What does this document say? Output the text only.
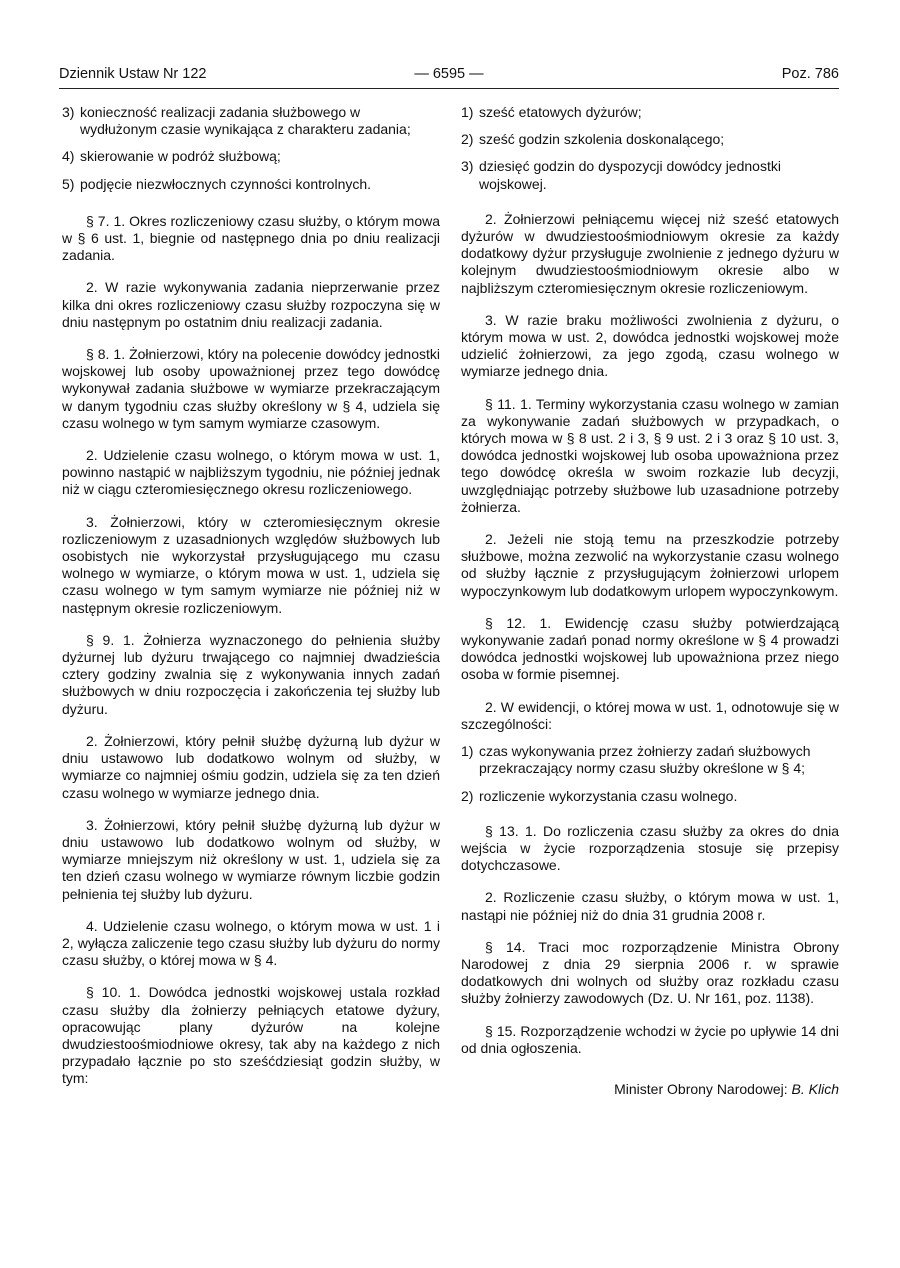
Dziennik Ustaw Nr 122	— 6595 —	Poz. 786
3) konieczność realizacji zadania służbowego w wydłużonym czasie wynikająca z charakteru zadania;
4) skierowanie w podróż służbową;
5) podjęcie niezwłocznych czynności kontrolnych.

§ 7. 1. Okres rozliczeniowy czasu służby, o którym mowa w § 6 ust. 1, biegnie od następnego dnia po dniu realizacji zadania.

2. W razie wykonywania zadania nieprzerwanie przez kilka dni okres rozliczeniowy czasu służby rozpoczyna się w dniu następnym po ostatnim dniu realizacji zadania.

§ 8. 1. Żołnierzowi, który na polecenie dowódcy jednostki wojskowej lub osoby upoważnionej przez tego dowódcę wykonywał zadania służbowe w wymiarze przekraczającym w danym tygodniu czas służby określony w § 4, udziela się czasu wolnego w tym samym wymiarze czasowym.

2. Udzielenie czasu wolnego, o którym mowa w ust. 1, powinno nastąpić w najbliższym tygodniu, nie później jednak niż w ciągu czteromiesięcznego okresu rozliczeniowego.

3. Żołnierzowi, który w czteromiesięcznym okresie rozliczeniowym z uzasadnionych względów służbowych lub osobistych nie wykorzystał przysługującego mu czasu wolnego w wymiarze, o którym mowa w ust. 1, udziela się czasu wolnego w tym samym wymiarze nie później niż w następnym okresie rozliczeniowym.

§ 9. 1. Żołnierza wyznaczonego do pełnienia służby dyżurnej lub dyżuru trwającego co najmniej dwadzieścia cztery godziny zwalnia się z wykonywania innych zadań służbowych w dniu rozpoczęcia i zakończenia tej służby lub dyżuru.

2. Żołnierzowi, który pełnił służbę dyżurną lub dyżur w dniu ustawowo lub dodatkowo wolnym od służby, w wymiarze co najmniej ośmiu godzin, udziela się za ten dzień czasu wolnego w wymiarze jednego dnia.

3. Żołnierzowi, który pełnił służbę dyżurną lub dyżur w dniu ustawowo lub dodatkowo wolnym od służby, w wymiarze mniejszym niż określony w ust. 1, udziela się za ten dzień czasu wolnego w wymiarze równym liczbie godzin pełnienia tej służby lub dyżuru.

4. Udzielenie czasu wolnego, o którym mowa w ust. 1 i 2, wyłącza zaliczenie tego czasu służby lub dyżuru do normy czasu służby, o której mowa w § 4.

§ 10. 1. Dowódca jednostki wojskowej ustala rozkład czasu służby dla żołnierzy pełniących etatowe dyżury, opracowując plany dyżurów na kolejne dwudziestoośmiodniowe okresy, tak aby na każdego z nich przypadało łącznie po sto sześćdziesiąt godzin służby, w tym:

1) sześć etatowych dyżurów;
2) sześć godzin szkolenia doskonalącego;
3) dziesięć godzin do dyspozycji dowódcy jednostki wojskowej.

2. Żołnierzowi pełniącemu więcej niż sześć etatowych dyżurów w dwudziestoośmiodniowym okresie za każdy dodatkowy dyżur przysługuje zwolnienie z jednego dyżuru w kolejnym dwudziestoośmiodniowym okresie albo w najbliższym czteromiesięcznym okresie rozliczeniowym.

3. W razie braku możliwości zwolnienia z dyżuru, o którym mowa w ust. 2, dowódca jednostki wojskowej może udzielić żołnierzowi, za jego zgodą, czasu wolnego w wymiarze jednego dnia.

§ 11. 1. Terminy wykorzystania czasu wolnego w zamian za wykonywanie zadań służbowych w przypadkach, o których mowa w § 8 ust. 2 i 3, § 9 ust. 2 i 3 oraz § 10 ust. 3, dowódca jednostki wojskowej lub osoba upoważniona przez tego dowódcę określa w swoim rozkazie lub decyzji, uwzględniając potrzeby służbowe lub uzasadnione potrzeby żołnierza.

2. Jeżeli nie stoją temu na przeszkodzie potrzeby służbowe, można zezwolić na wykorzystanie czasu wolnego od służby łącznie z przysługującym żołnierzowi urlopem wypoczynkowym lub dodatkowym urlopem wypoczynkowym.

§ 12. 1. Ewidencję czasu służby potwierdzającą wykonywanie zadań ponad normy określone w § 4 prowadzi dowódca jednostki wojskowej lub upoważniona przez niego osoba w formie pisemnej.

2. W ewidencji, o której mowa w ust. 1, odnotowuje się w szczególności:

1) czas wykonywania przez żołnierzy zadań służbowych przekraczający normy czasu służby określone w § 4;
2) rozliczenie wykorzystania czasu wolnego.

§ 13. 1. Do rozliczenia czasu służby za okres do dnia wejścia w życie rozporządzenia stosuje się przepisy dotychczasowe.

2. Rozliczenie czasu służby, o którym mowa w ust. 1, nastąpi nie później niż do dnia 31 grudnia 2008 r.

§ 14. Traci moc rozporządzenie Ministra Obrony Narodowej z dnia 29 sierpnia 2006 r. w sprawie dodatkowych dni wolnych od służby oraz rozkładu czasu służby żołnierzy zawodowych (Dz. U. Nr 161, poz. 1138).

§ 15. Rozporządzenie wchodzi w życie po upływie 14 dni od dnia ogłoszenia.

Minister Obrony Narodowej: B. Klich
